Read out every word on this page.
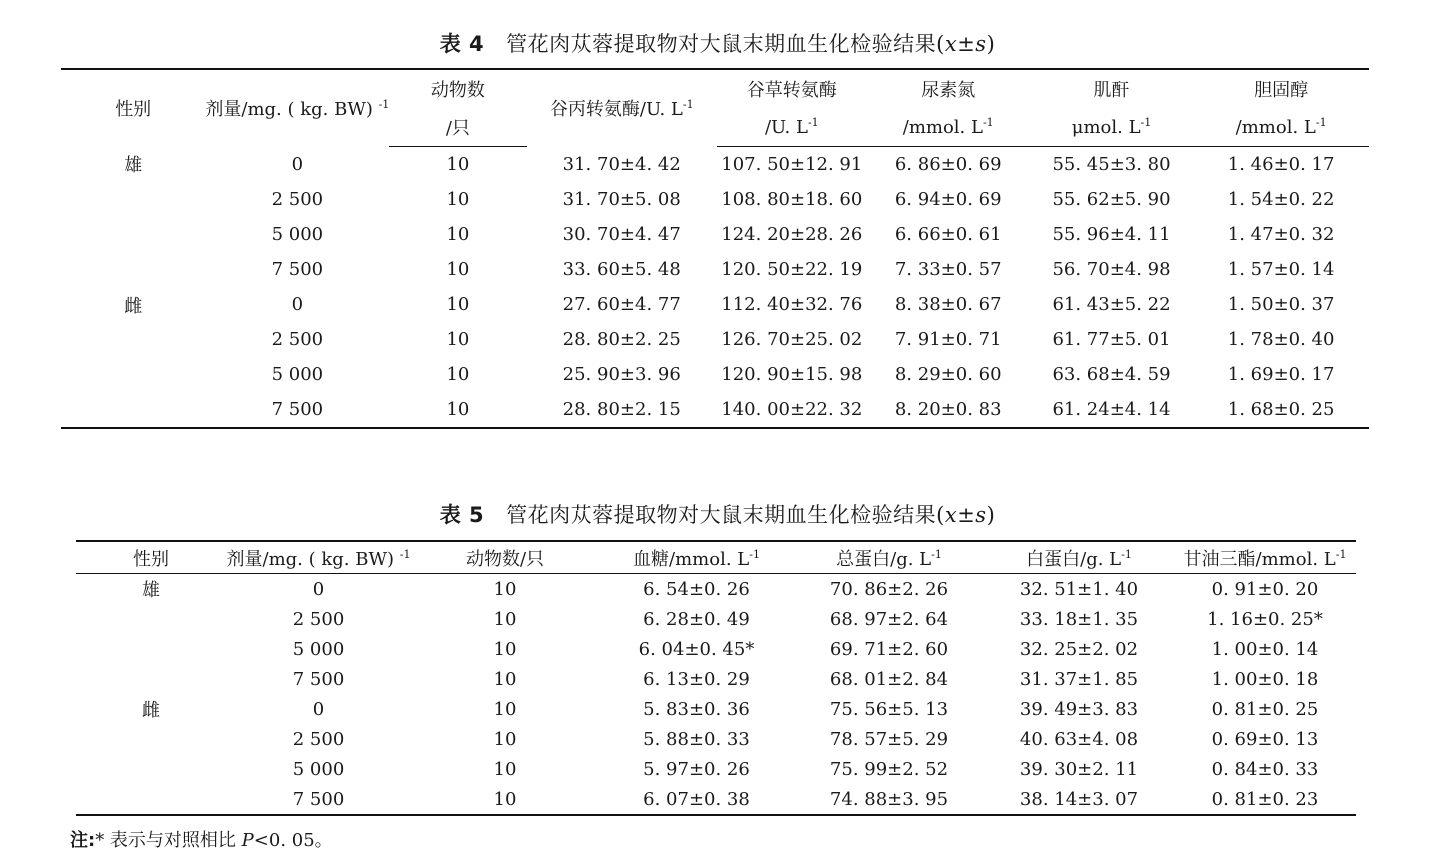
表 4 管花肉苁蓉提取物对大鼠末期血生化检验结果(x±s)
性别	剂量/mg. ( kg. BW) $^{-1}$	动物数	谷丙转氨酶/U. $L^{-1}$	谷草转氨酶	尿素氮	肌酐	胆固醇
		/只		/U. $L^{-1}$	/mmol. $L^{-1}$	μmol. $L^{-1}$	/mmol. $L^{-1}$
雄	0	10	31. 70±4. 42	107. 50±12. 91	6. 86±0. 69	55. 45±3. 80	1. 46±0. 17
	2 500	10	31. 70±5. 08	108. 80±18. 60	6. 94±0. 69	55. 62±5. 90	1. 54±0. 22
	5 000	10	30. 70±4. 47	124. 20±28. 26	6. 66±0. 61	55. 96±4. 11	1. 47±0. 32
	7 500	10	33. 60±5. 48	120. 50±22. 19	7. 33±0. 57	56. 70±4. 98	1. 57±0. 14
雌	0	10	27. 60±4. 77	112. 40±32. 76	8. 38±0. 67	61. 43±5. 22	1. 50±0. 37
	2 500	10	28. 80±2. 25	126. 70±25. 02	7. 91±0. 71	61. 77±5. 01	1. 78±0. 40
	5 000	10	25. 90±3. 96	120. 90±15. 98	8. 29±0. 60	63. 68±4. 59	1. 69±0. 17
	7 500	10	28. 80±2. 15	140. 00±22. 32	8. 20±0. 83	61. 24±4. 14	1. 68±0. 25
表 5 管花肉苁蓉提取物对大鼠末期血生化检验结果(x±s)
性别	剂量/mg. ( kg. BW) $^{-1}$	动物数/只	血糖/mmol. $L^{-1}$	总蛋白/g. $L^{-1}$	白蛋白/g. $L^{-1}$	甘油三酯/mmol. $L^{-1}$
雄	0	10	6. 54±0. 26	70. 86±2. 26	32. 51±1. 40	0. 91±0. 20
	2 500	10	6. 28±0. 49	68. 97±2. 64	33. 18±1. 35	1. 16±0. 25*
	5 000	10	6. 04±0. 45*	69. 71±2. 60	32. 25±2. 02	1. 00±0. 14
	7 500	10	6. 13±0. 29	68. 01±2. 84	31. 37±1. 85	1. 00±0. 18
雌	0	10	5. 83±0. 36	75. 56±5. 13	39. 49±3. 83	0. 81±0. 25
	2 500	10	5. 88±0. 33	78. 57±5. 29	40. 63±4. 08	0. 69±0. 13
	5 000	10	5. 97±0. 26	75. 99±2. 52	39. 30±2. 11	0. 84±0. 33
	7 500	10	6. 07±0. 38	74. 88±3. 95	38. 14±3. 07	0. 81±0. 23
注:* 表示与对照相比 P<0. 05。
